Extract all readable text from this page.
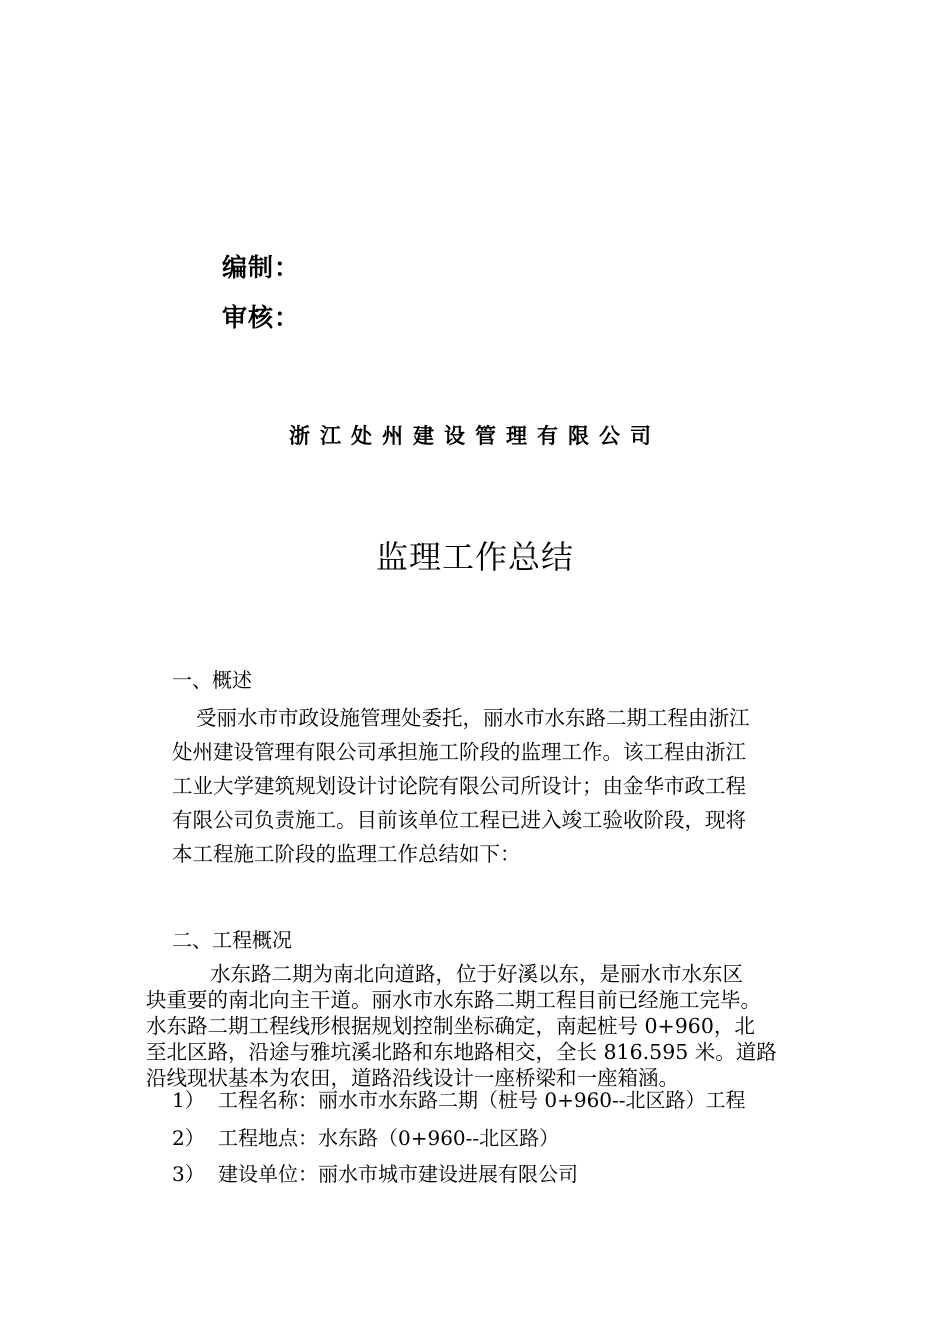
编制：
审核：
浙江处州建设管理有限公司
监理工作总结
一、概述
受丽水市市政设施管理处委托，丽水市水东路二期工程由浙江
处州建设管理有限公司承担施工阶段的监理工作。该工程由浙江
工业大学建筑规划设计讨论院有限公司所设计；由金华市政工程
有限公司负责施工。目前该单位工程已进入竣工验收阶段，现将
本工程施工阶段的监理工作总结如下：
二、工程概况
水东路二期为南北向道路，位于好溪以东，是丽水市水东区
块重要的南北向主干道。丽水市水东路二期工程目前已经施工完毕。
水东路二期工程线形根据规划控制坐标确定，南起桩号 0+960，北
至北区路，沿途与雅坑溪北路和东地路相交，全长 816.595 米。道路
沿线现状基本为农田，道路沿线设计一座桥梁和一座箱涵。
1） 工程名称：丽水市水东路二期（桩号 0+960--北区路）工程
2） 工程地点：水东路（0+960--北区路）
3） 建设单位：丽水市城市建设进展有限公司
